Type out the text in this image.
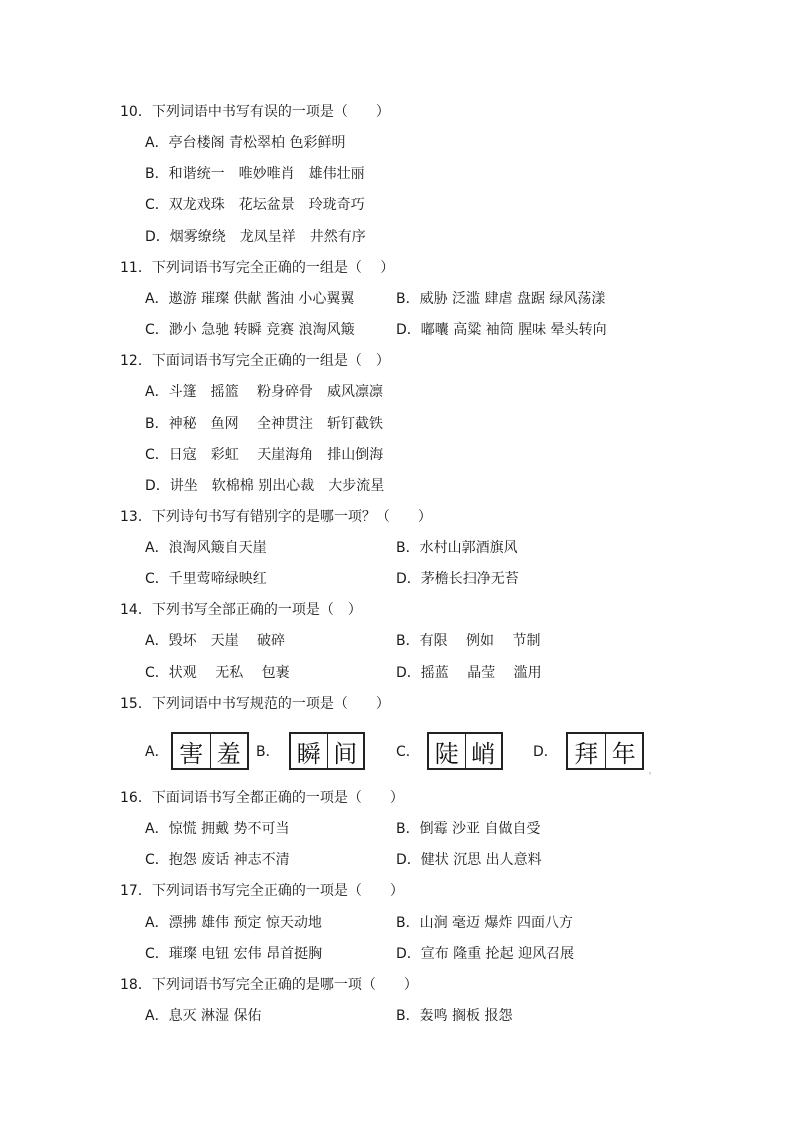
10．下列词语中书写有误的一项是（　　）
A．亭台楼阁 青松翠柏 色彩鲜明
B．和谐统一　唯妙唯肖　雄伟壮丽
C．双龙戏珠　花坛盆景　玲珑奇巧
D．烟雾缭绕　龙凤呈祥　井然有序
11．下列词语书写完全正确的一组是（　 ）
A．遨游 璀璨 供献 酱油 小心翼翼	B．威胁 泛滥 肆虐 盘踞 绿风荡漾
C．渺小 急驰 转瞬 竞赛 浪淘风簸	D．嘟囔 高粱 袖筒 腥味 晕头转向
12．下面词语书写完全正确的一组是（　）
A．斗篷　摇篮　 粉身碎骨　威风凛凛
B．神秘　鱼网　 全神贯注　斩钉截铁
C．日寇　彩虹　 天崖海角　排山倒海
D．讲坐　软棉棉 别出心裁　大步流星
13．下列诗句书写有错别字的是哪一项？（　　）
A．浪淘风簸自天崖	B．水村山郭酒旗风
C．千里莺啼绿映红	D．茅檐长扫净无苔
14．下列书写全部正确的一项是（　）
A．毁坏　天崖　 破碎	B．有限　 例如　 节制
C．状观　 无私　 包裹	D．摇蓝　 晶莹　 滥用
15．下列词语中书写规范的一项是（　　）
A． 害 羞	B． 瞬 间	C． 陡 峭	D． 拜 年
◦
16．下面词语书写全都正确的一项是（　　）
A．惊慌 拥戴 势不可当	B．倒霉 沙亚 自做自受
C．抱怨 废话 神志不清	D．健状 沉思 出人意料
17．下列词语书写完全正确的一项是（　　）
A．漂拂 雄伟 预定 惊天动地	B．山涧 毫迈 爆炸 四面八方
C．璀璨 电钮 宏伟 昂首挺胸	D．宣布 隆重 抡起 迎风召展
18．下列词语书写完全正确的是哪一项（　　）
A．息灭 淋湿 保佑	B．轰鸣 搁板 报怨
